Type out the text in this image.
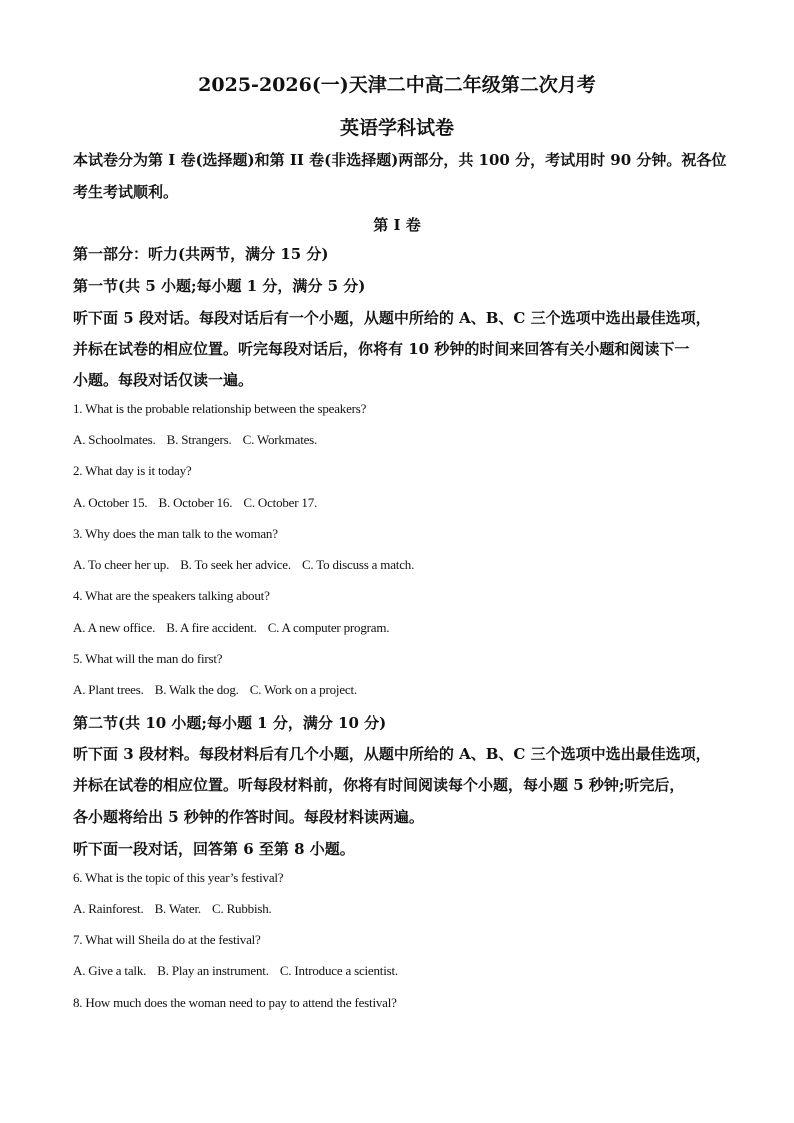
2025-2026(一)天津二中高二年级第二次月考
英语学科试卷
本试卷分为第 I 卷(选择题)和第 II 卷(非选择题)两部分，共 100 分，考试用时 90 分钟。祝各位
考生考试顺利。
第 I 卷
第一部分：听力(共两节，满分 15 分)
第一节(共 5 小题;每小题 1 分，满分 5 分)
听下面 5 段对话。每段对话后有一个小题，从题中所给的 A、B、C 三个选项中选出最佳选项，
并标在试卷的相应位置。听完每段对话后，你将有 10 秒钟的时间来回答有关小题和阅读下一
小题。每段对话仅读一遍。
1. What is the probable relationship between the speakers?
A. Schoolmates. B. Strangers. C. Workmates.
2. What day is it today?
A. October 15. B. October 16. C. October 17.
3. Why does the man talk to the woman?
A. To cheer her up. B. To seek her advice. C. To discuss a match.
4. What are the speakers talking about?
A. A new office. B. A fire accident. C. A computer program.
5. What will the man do first?
A. Plant trees. B. Walk the dog. C. Work on a project.
第二节(共 10 小题;每小题 1 分，满分 10 分)
听下面 3 段材料。每段材料后有几个小题，从题中所给的 A、B、C 三个选项中选出最佳选项，
并标在试卷的相应位置。听每段材料前，你将有时间阅读每个小题，每小题 5 秒钟;听完后，
各小题将给出 5 秒钟的作答时间。每段材料读两遍。
听下面一段对话，回答第 6 至第 8 小题。
6. What is the topic of this year’s festival?
A. Rainforest. B. Water. C. Rubbish.
7. What will Sheila do at the festival?
A. Give a talk. B. Play an instrument. C. Introduce a scientist.
8. How much does the woman need to pay to attend the festival?
